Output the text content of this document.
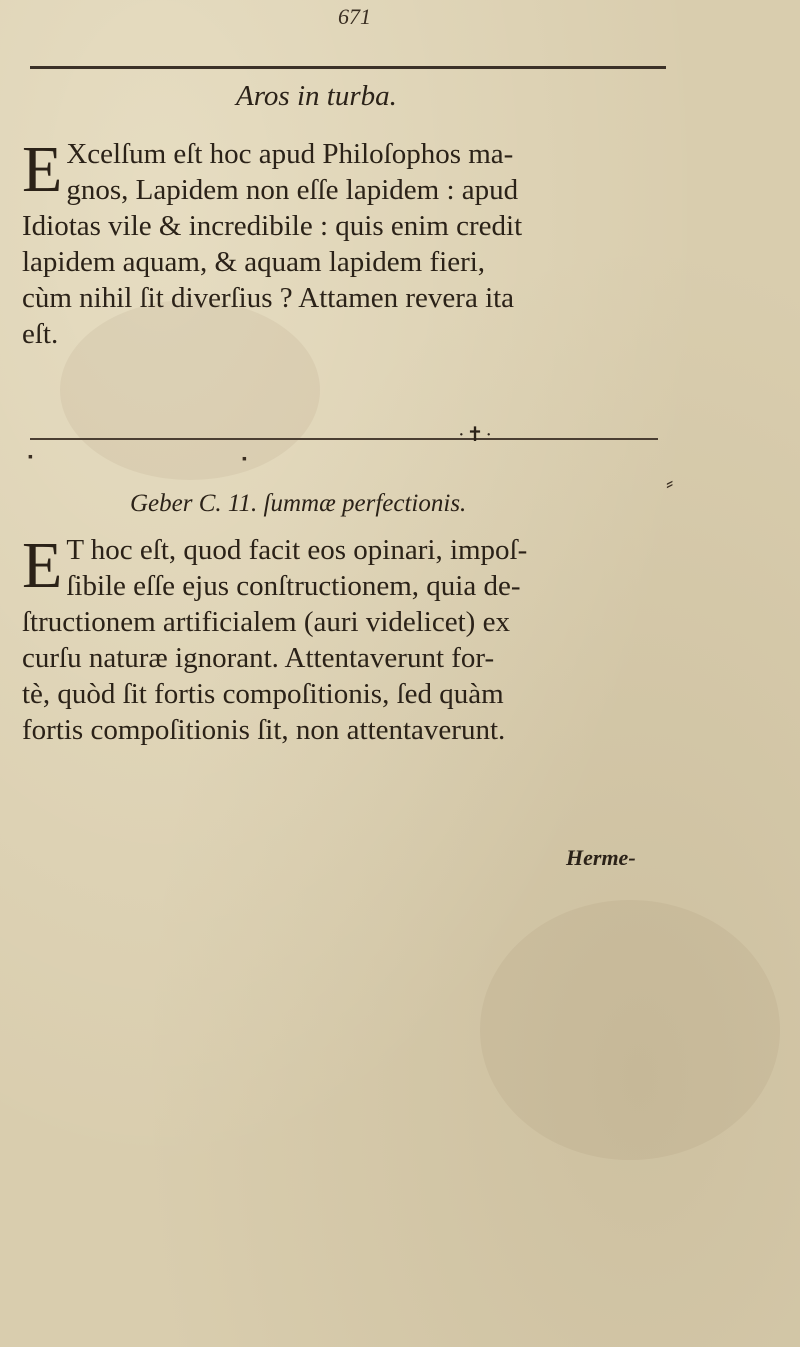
671
Aros in turba.
E Xcelſum eſt hoc apud Philoſophos ma-
gnos, Lapidem non eſſe lapidem : apud
Idiotas vile & incredibile : quis enim credit
lapidem aquam, & aquam lapidem fieri,
cùm nihil ſit diverſius ? Attamen revera ita
eſt.
·✝·
▪	▪
⸗
Geber C. 11. ſummæ perfectionis.
E T hoc eſt, quod facit eos opinari, impoſ-
ſibile eſſe ejus conſtructionem, quia de-
ſtructionem artificialem (auri videlicet) ex
curſu naturæ ignorant. Attentaverunt for-
tè, quòd ſit fortis compoſitionis, ſed quàm
fortis compoſitionis ſit, non attentaverunt.
Herme-
